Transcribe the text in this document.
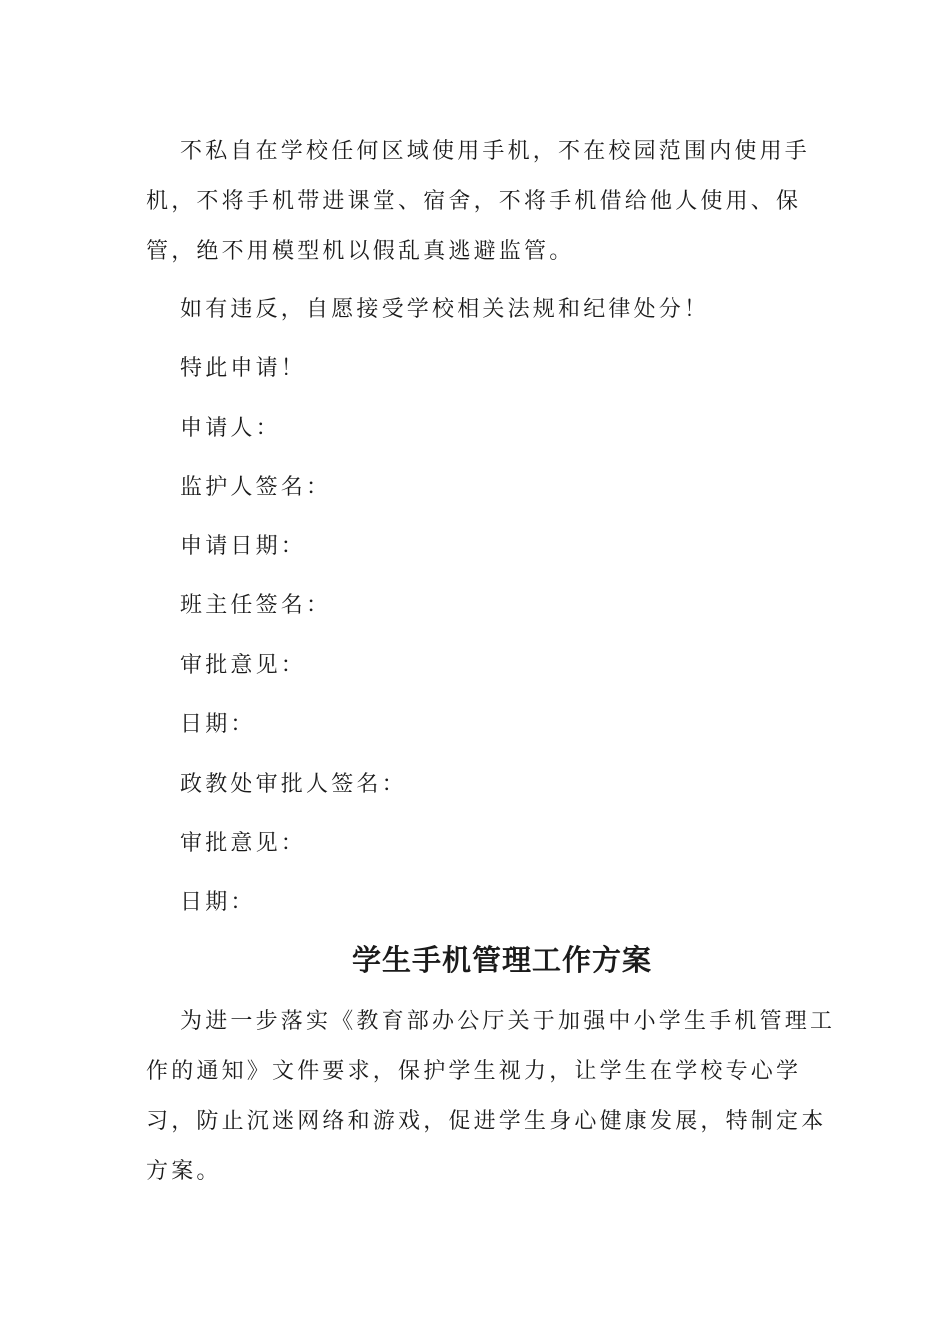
不私自在学校任何区域使用手机，不在校园范围内使用手机，不将手机带进课堂、宿舍，不将手机借给他人使用、保管，绝不用模型机以假乱真逃避监管。

如有违反，自愿接受学校相关法规和纪律处分！

特此申请！

申请人：

监护人签名：

申请日期：

班主任签名：

审批意见：

日期：

政教处审批人签名：

审批意见：

日期：

学生手机管理工作方案

为进一步落实《教育部办公厅关于加强中小学生手机管理工作的通知》文件要求，保护学生视力，让学生在学校专心学习，防止沉迷网络和游戏，促进学生身心健康发展，特制定本方案。
